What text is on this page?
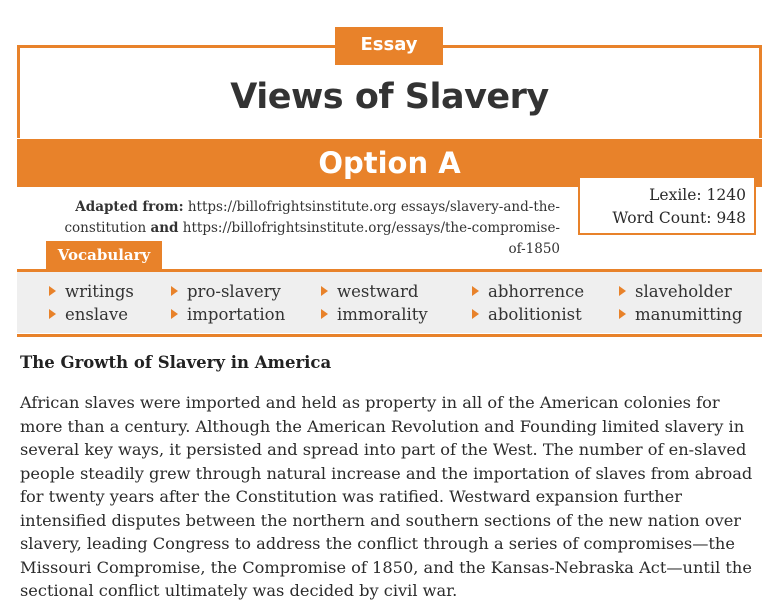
Views of Slavery
Essay
Option A
Adapted from: https://billofrightsinstitute.org essays/slavery-and-the-constitution and https://billofrightsinstitute.org/essays/the-compromise-of-1850
Lexile: 1240
Word Count: 948
Vocabulary
writings
enslave
pro-slavery
importation
westward
immorality
abhorrence
abolitionist
slaveholder
manumitting
The Growth of Slavery in America
African slaves were imported and held as property in all of the American colonies for more than a century. Although the American Revolution and Founding limited slavery in several key ways, it persisted and spread into part of the West. The number of en-slaved people steadily grew through natural increase and the importation of slaves from abroad for twenty years after the Constitution was ratified. Westward expansion further intensified disputes between the northern and southern sections of the new nation over slavery, leading Congress to address the conflict through a series of compromises—the Missouri Compromise, the Compromise of 1850, and the Kansas-Nebraska Act—until the sectional conflict ultimately was decided by civil war.
